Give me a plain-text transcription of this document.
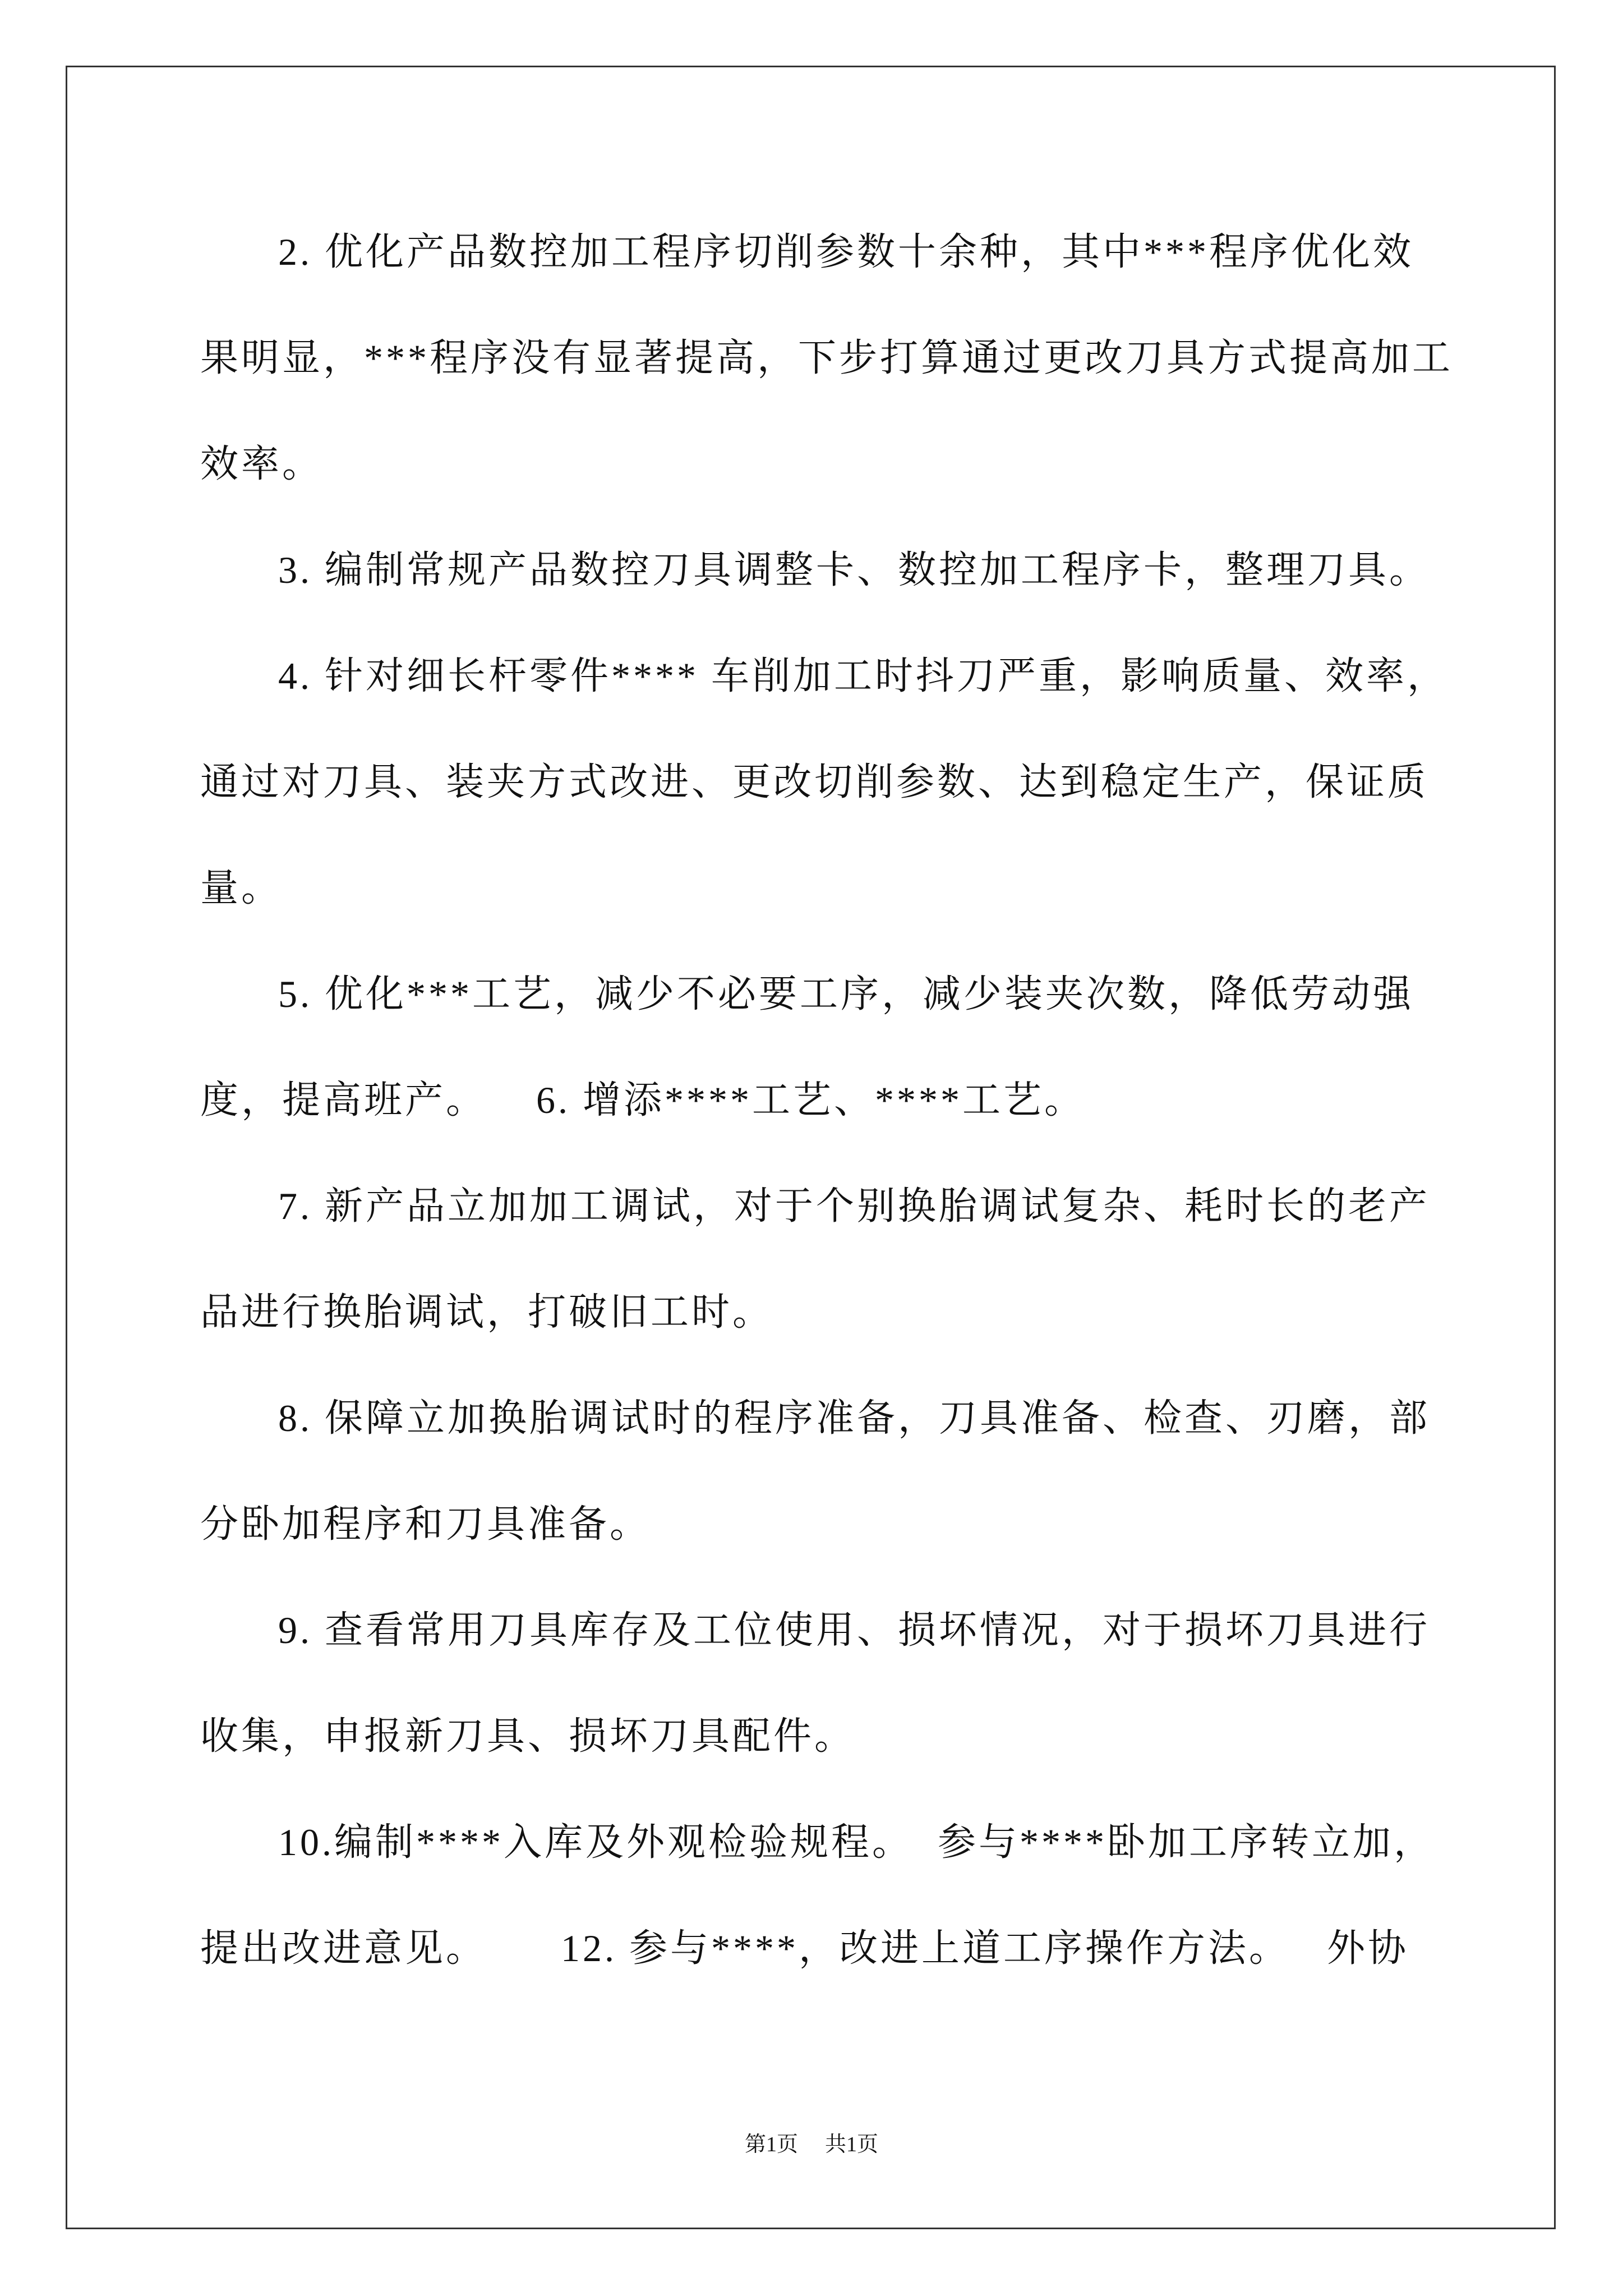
2. 优化产品数控加工程序切削参数十余种，其中***程序优化效
果明显，***程序没有显著提高，下步打算通过更改刀具方式提高加工
效率。
3. 编制常规产品数控刀具调整卡、数控加工程序卡，整理刀具。
4. 针对细长杆零件**** 车削加工时抖刀严重，影响质量、效率，
通过对刀具、装夹方式改进、更改切削参数、达到稳定生产，保证质
量。
5. 优化***工艺，减少不必要工序，减少装夹次数，降低劳动强
度，提高班产。    6. 增添****工艺、****工艺。
7. 新产品立加加工调试，对于个别换胎调试复杂、耗时长的老产
品进行换胎调试，打破旧工时。
8. 保障立加换胎调试时的程序准备，刀具准备、检查、刃磨，部
分卧加程序和刀具准备。
9. 查看常用刀具库存及工位使用、损坏情况，对于损坏刀具进行
收集，申报新刀具、损坏刀具配件。
10.编制****入库及外观检验规程。  参与****卧加工序转立加，
提出改进意见。      12. 参与****，改进上道工序操作方法。   外协
第1页 共1页
